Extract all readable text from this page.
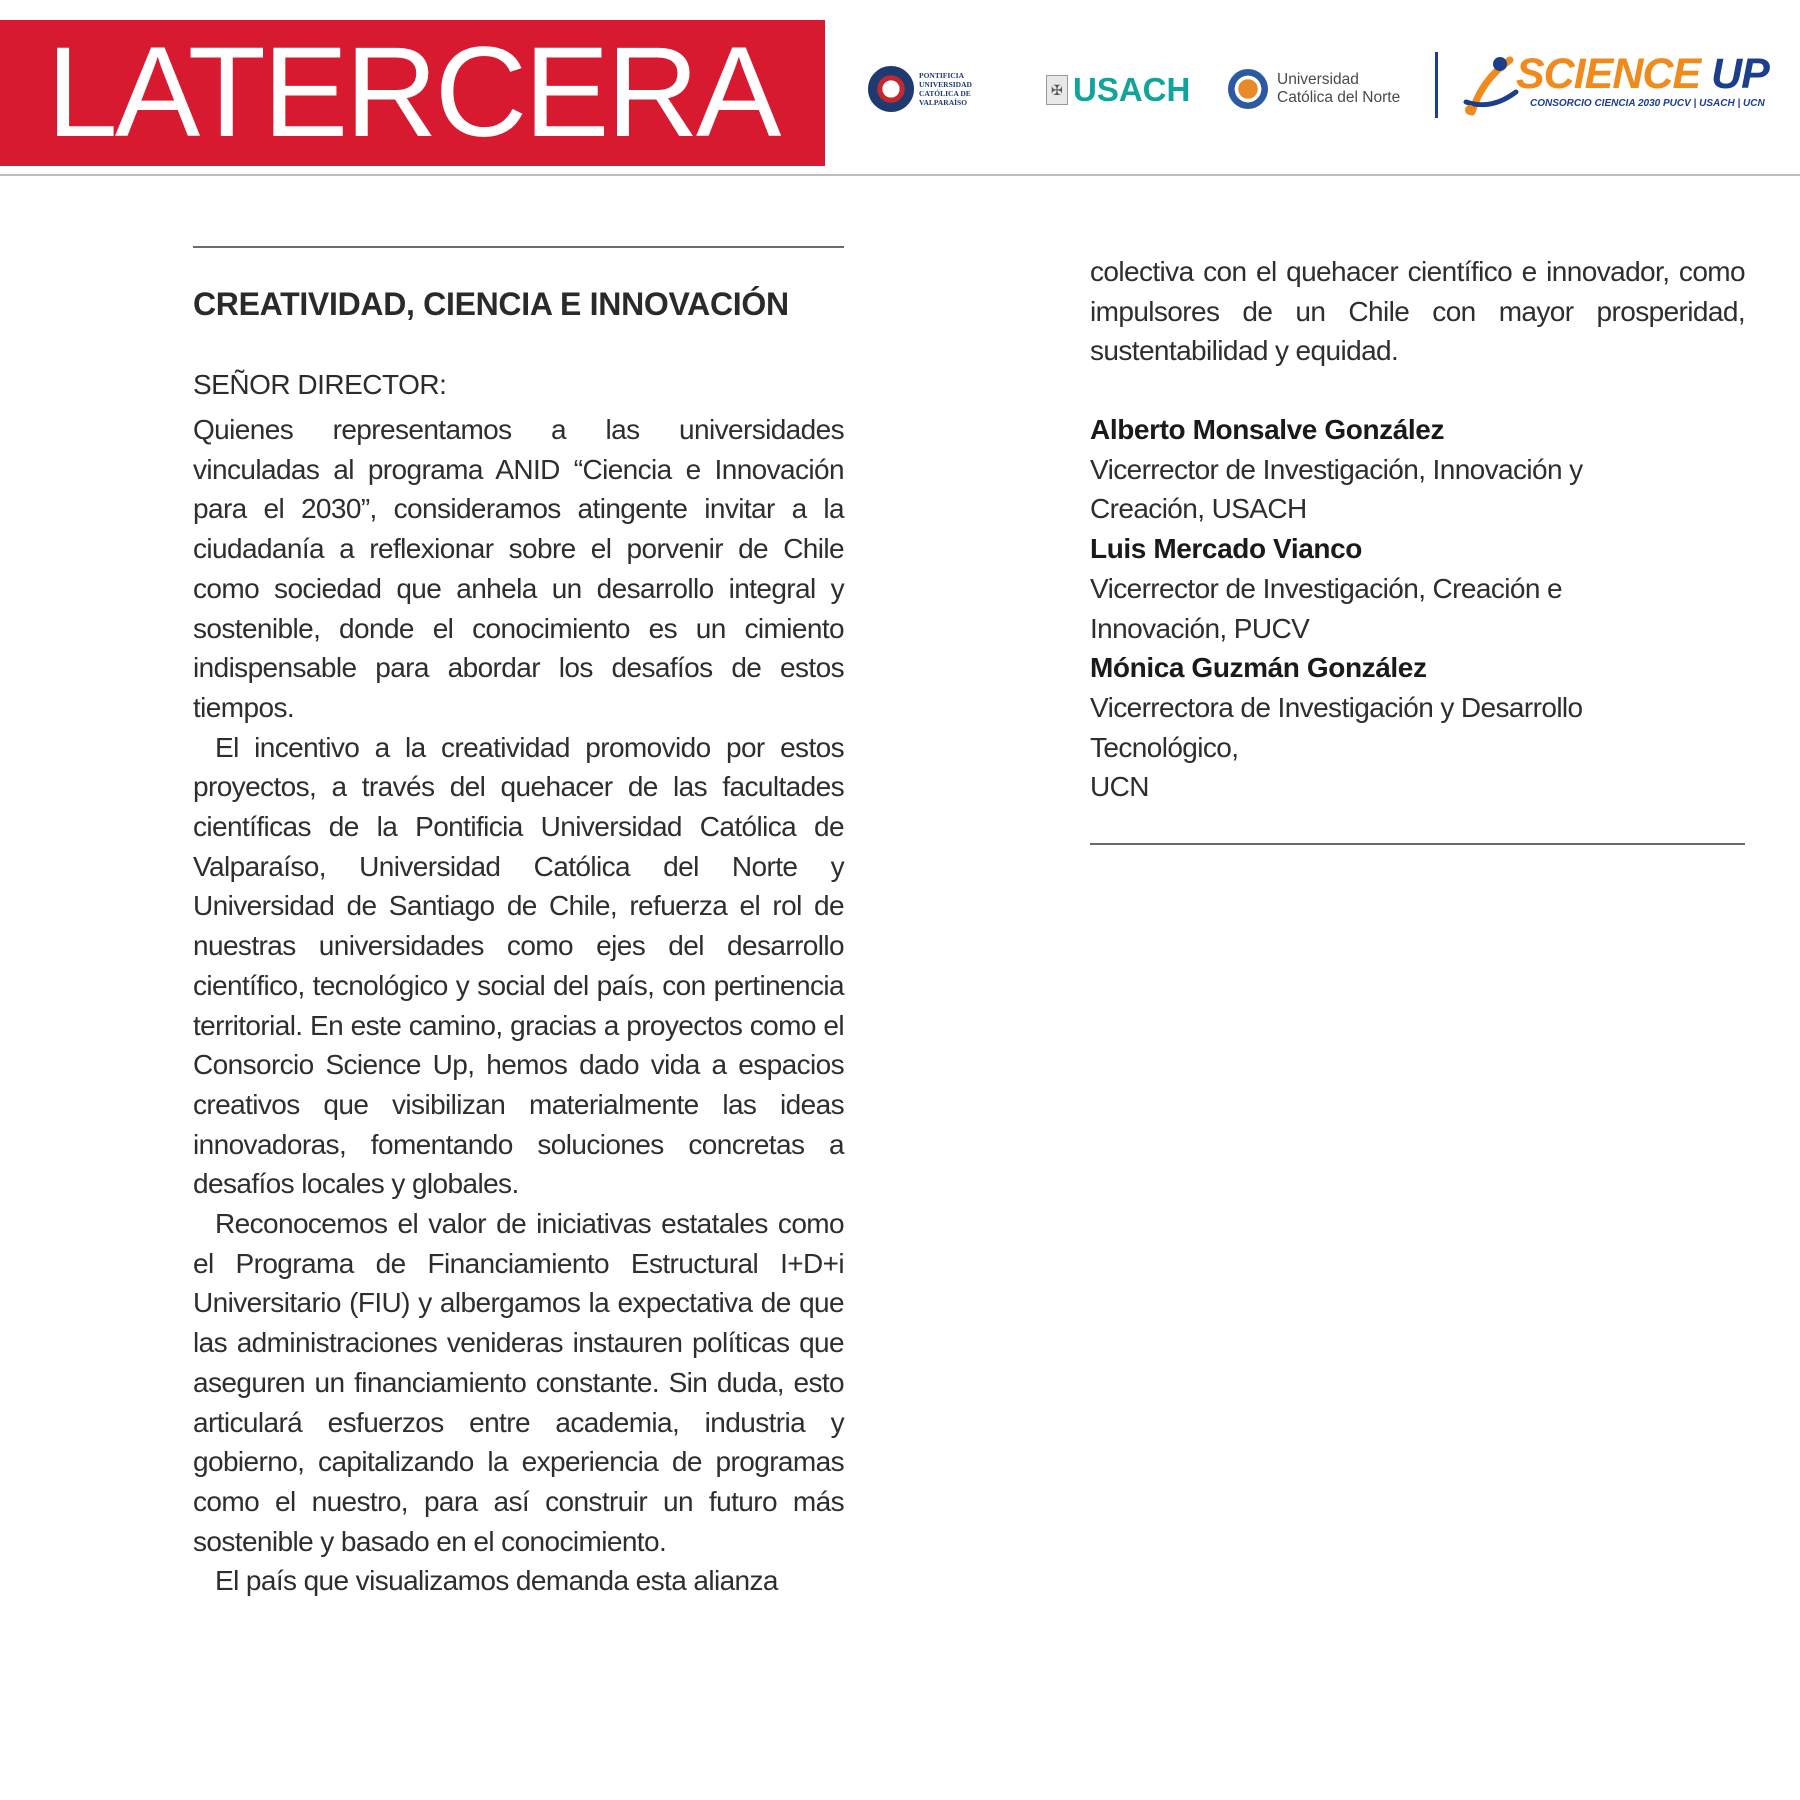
LATERCERA	PONTIFICIA
UNIVERSIDAD
CATÓLICA DE
VALPARAÍSO
✠ USACH	Universidad
Católica del Norte	SCIENCE UP
CONSORCIO CIENCIA 2030 PUCV | USACH | UCN
CREATIVIDAD, CIENCIA E INNOVACIÓN
SEÑOR DIRECTOR:

Quienes representamos a las universidades vinculadas al programa ANID “Ciencia e Innovación para el 2030”, consideramos atingente invitar a la ciudadanía a reflexionar sobre el porvenir de Chile como sociedad que anhela un desarrollo integral y sostenible, donde el conocimiento es un cimiento indispensable para abordar los desafíos de estos tiempos.

El incentivo a la creatividad promovido por estos proyectos, a través del quehacer de las facultades científicas de la Pontificia Universidad Católica de Valparaíso, Universidad Católica del Norte y Universidad de Santiago de Chile, refuerza el rol de nuestras universidades como ejes del desarrollo científico, tecnológico y social del país, con pertinencia territorial. En este camino, gracias a proyectos como el Consorcio Science Up, hemos dado vida a espacios creativos que visibilizan materialmente las ideas innovadoras, fomentando soluciones concretas a desafíos locales y globales.

Reconocemos el valor de iniciativas estatales como el Programa de Financiamiento Estructural I+D+i Universitario (FIU) y albergamos la expectativa de que las administraciones venideras instauren políticas que aseguren un financiamiento constante. Sin duda, esto articulará esfuerzos entre academia, industria y gobierno, capitalizando la experiencia de programas como el nuestro, para así construir un futuro más sostenible y basado en el conocimiento.

El país que visualizamos demanda esta alianza

colectiva con el quehacer científico e innovador, como impulsores de un Chile con mayor prosperidad, sustentabilidad y equidad.

Alberto Monsalve González
Vicerrector de Investigación, Innovación y
Creación, USACH
Luis Mercado Vianco
Vicerrector de Investigación, Creación e
Innovación, PUCV
Mónica Guzmán González
Vicerrectora de Investigación y Desarrollo
Tecnológico,
UCN
